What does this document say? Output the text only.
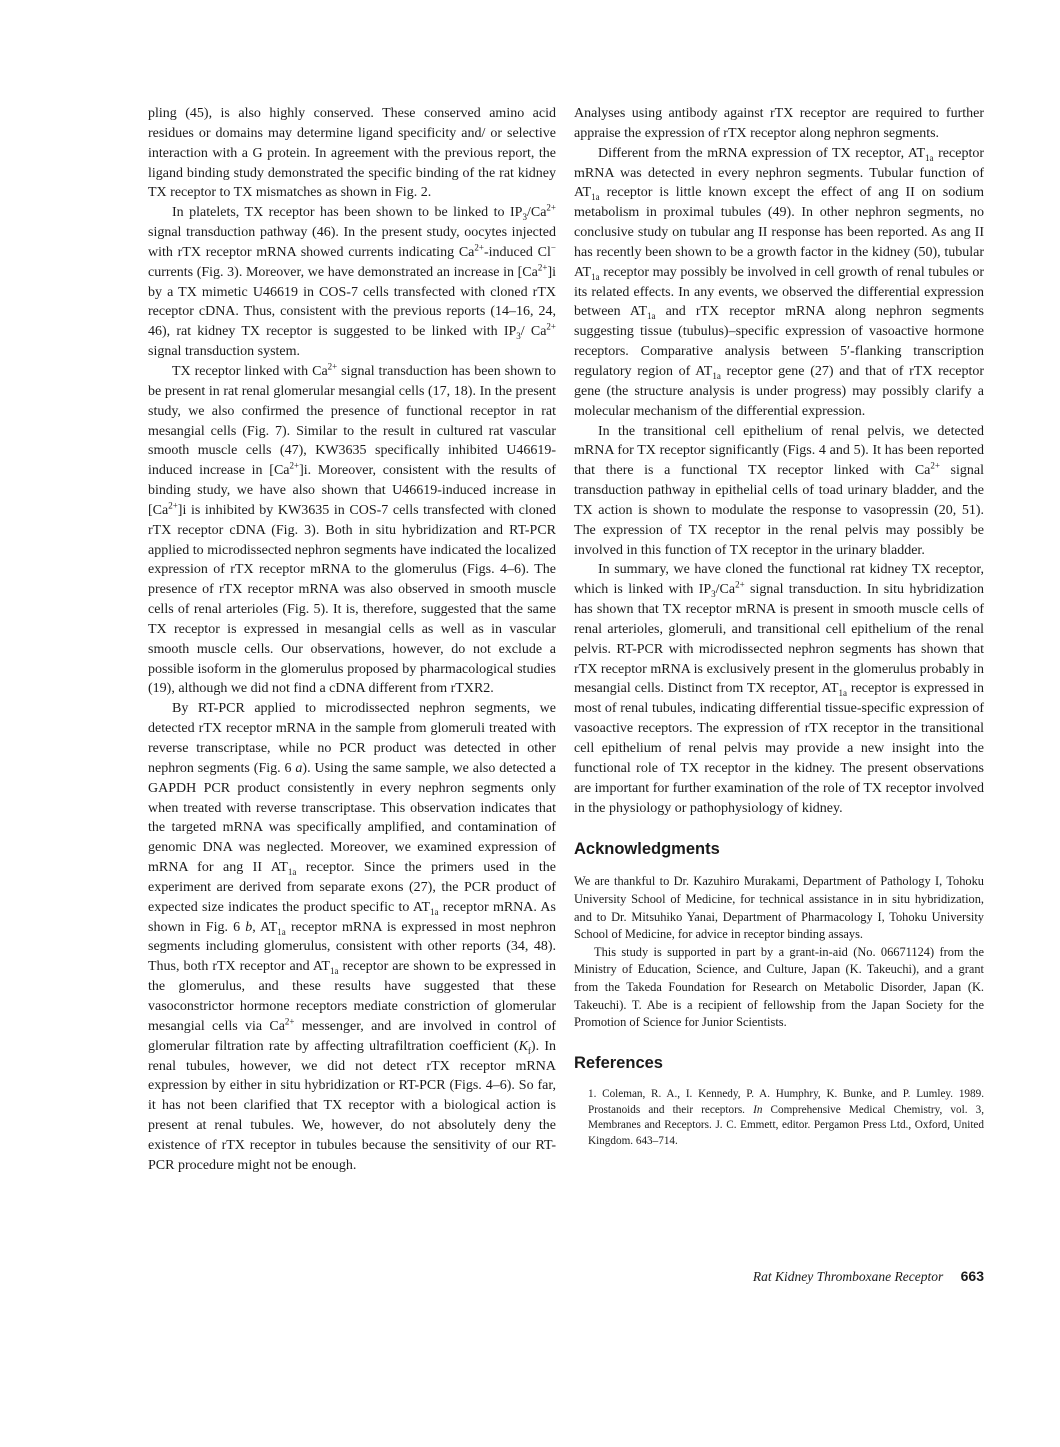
pling (45), is also highly conserved. These conserved amino acid residues or domains may determine ligand specificity and/ or selective interaction with a G protein. In agreement with the previous report, the ligand binding study demonstrated the specific binding of the rat kidney TX receptor to TX mismatches as shown in Fig. 2.

In platelets, TX receptor has been shown to be linked to $IP_3/Ca^{2+}$ signal transduction pathway (46). In the present study, oocytes injected with rTX receptor mRNA showed currents indicating $Ca^{2+}$-induced Cl− currents (Fig. 3). Moreover, we have demonstrated an increase in $[Ca^{2+}]i$ by a TX mimetic U46619 in COS-7 cells transfected with cloned rTX receptor cDNA. Thus, consistent with the previous reports (14–16, 24, 46), rat kidney TX receptor is suggested to be linked with $IP_3/$ $Ca^{2+}$ signal transduction system.

TX receptor linked with $Ca^{2+}$ signal transduction has been shown to be present in rat renal glomerular mesangial cells (17, 18). In the present study, we also confirmed the presence of functional receptor in rat mesangial cells (Fig. 7). Similar to the result in cultured rat vascular smooth muscle cells (47), KW3635 specifically inhibited U46619-induced increase in $[Ca^{2+}]i$. Moreover, consistent with the results of binding study, we have also shown that U46619-induced increase in $[Ca^{2+}]i$ is inhibited by KW3635 in COS-7 cells transfected with cloned rTX receptor cDNA (Fig. 3). Both in situ hybridization and RT-PCR applied to microdissected nephron segments have indicated the localized expression of rTX receptor mRNA to the glomerulus (Figs. 4–6). The presence of rTX receptor mRNA was also observed in smooth muscle cells of renal arterioles (Fig. 5). It is, therefore, suggested that the same TX receptor is expressed in mesangial cells as well as in vascular smooth muscle cells. Our observations, however, do not exclude a possible isoform in the glomerulus proposed by pharmacological studies (19), although we did not find a cDNA different from rTXR2.

By RT-PCR applied to microdissected nephron segments, we detected rTX receptor mRNA in the sample from glomeruli treated with reverse transcriptase, while no PCR product was detected in other nephron segments (Fig. 6 a). Using the same sample, we also detected a GAPDH PCR product consistently in every nephron segments only when treated with reverse transcriptase. This observation indicates that the targeted mRNA was specifically amplified, and contamination of genomic DNA was neglected. Moreover, we examined expression of mRNA for ang II $AT_{1a}$ receptor. Since the primers used in the experiment are derived from separate exons (27), the PCR product of expected size indicates the product specific to $AT_{1a}$ receptor mRNA. As shown in Fig. 6 b, $AT_{1a}$ receptor mRNA is expressed in most nephron segments including glomerulus, consistent with other reports (34, 48). Thus, both rTX receptor and $AT_{1a}$ receptor are shown to be expressed in the glomerulus, and these results have suggested that these vasoconstrictor hormone receptors mediate constriction of glomerular mesangial cells via $Ca^{2+}$ messenger, and are involved in control of glomerular filtration rate by affecting ultrafiltration coefficient $(K_f)$. In renal tubules, however, we did not detect rTX receptor mRNA expression by either in situ hybridization or RT-PCR (Figs. 4–6). So far, it has not been clarified that TX receptor with a biological action is present at renal tubules. We, however, do not absolutely deny the existence of rTX receptor in tubules because the sensitivity of our RT-PCR procedure might not be enough.

Analyses using antibody against rTX receptor are required to further appraise the expression of rTX receptor along nephron segments.

Different from the mRNA expression of TX receptor, $AT_{1a}$ receptor mRNA was detected in every nephron segments. Tubular function of $AT_{1a}$ receptor is little known except the effect of ang II on sodium metabolism in proximal tubules (49). In other nephron segments, no conclusive study on tubular ang II response has been reported. As ang II has recently been shown to be a growth factor in the kidney (50), tubular $AT_{1a}$ receptor may possibly be involved in cell growth of renal tubules or its related effects. In any events, we observed the differential expression between $AT_{1a}$ and rTX receptor mRNA along nephron segments suggesting tissue (tubulus)–specific expression of vasoactive hormone receptors. Comparative analysis between 5′-flanking transcription regulatory region of $AT_{1a}$ receptor gene (27) and that of rTX receptor gene (the structure analysis is under progress) may possibly clarify a molecular mechanism of the differential expression.

In the transitional cell epithelium of renal pelvis, we detected mRNA for TX receptor significantly (Figs. 4 and 5). It has been reported that there is a functional TX receptor linked with $Ca^{2+}$ signal transduction pathway in epithelial cells of toad urinary bladder, and the TX action is shown to modulate the response to vasopressin (20, 51). The expression of TX receptor in the renal pelvis may possibly be involved in this function of TX receptor in the urinary bladder.

In summary, we have cloned the functional rat kidney TX receptor, which is linked with $IP_3/Ca^{2+}$ signal transduction. In situ hybridization has shown that TX receptor mRNA is present in smooth muscle cells of renal arterioles, glomeruli, and transitional cell epithelium of the renal pelvis. RT-PCR with microdissected nephron segments has shown that rTX receptor mRNA is exclusively present in the glomerulus probably in mesangial cells. Distinct from TX receptor, $AT_{1a}$ receptor is expressed in most of renal tubules, indicating differential tissue-specific expression of vasoactive receptors. The expression of rTX receptor in the transitional cell epithelium of renal pelvis may provide a new insight into the functional role of TX receptor in the kidney. The present observations are important for further examination of the role of TX receptor involved in the physiology or pathophysiology of kidney.

Acknowledgments

We are thankful to Dr. Kazuhiro Murakami, Department of Pathology I, Tohoku University School of Medicine, for technical assistance in in situ hybridization, and to Dr. Mitsuhiko Yanai, Department of Pharmacology I, Tohoku University School of Medicine, for advice in receptor binding assays.

This study is supported in part by a grant-in-aid (No. 06671124) from the Ministry of Education, Science, and Culture, Japan (K. Takeuchi), and a grant from the Takeda Foundation for Research on Metabolic Disorder, Japan (K. Takeuchi). T. Abe is a recipient of fellowship from the Japan Society for the Promotion of Science for Junior Scientists.

References

1. Coleman, R. A., I. Kennedy, P. A. Humphry, K. Bunke, and P. Lumley. 1989. Prostanoids and their receptors. In Comprehensive Medical Chemistry, vol. 3, Membranes and Receptors. J. C. Emmett, editor. Pergamon Press Ltd., Oxford, United Kingdom. 643–714.

Rat Kidney Thromboxane Receptor 663
